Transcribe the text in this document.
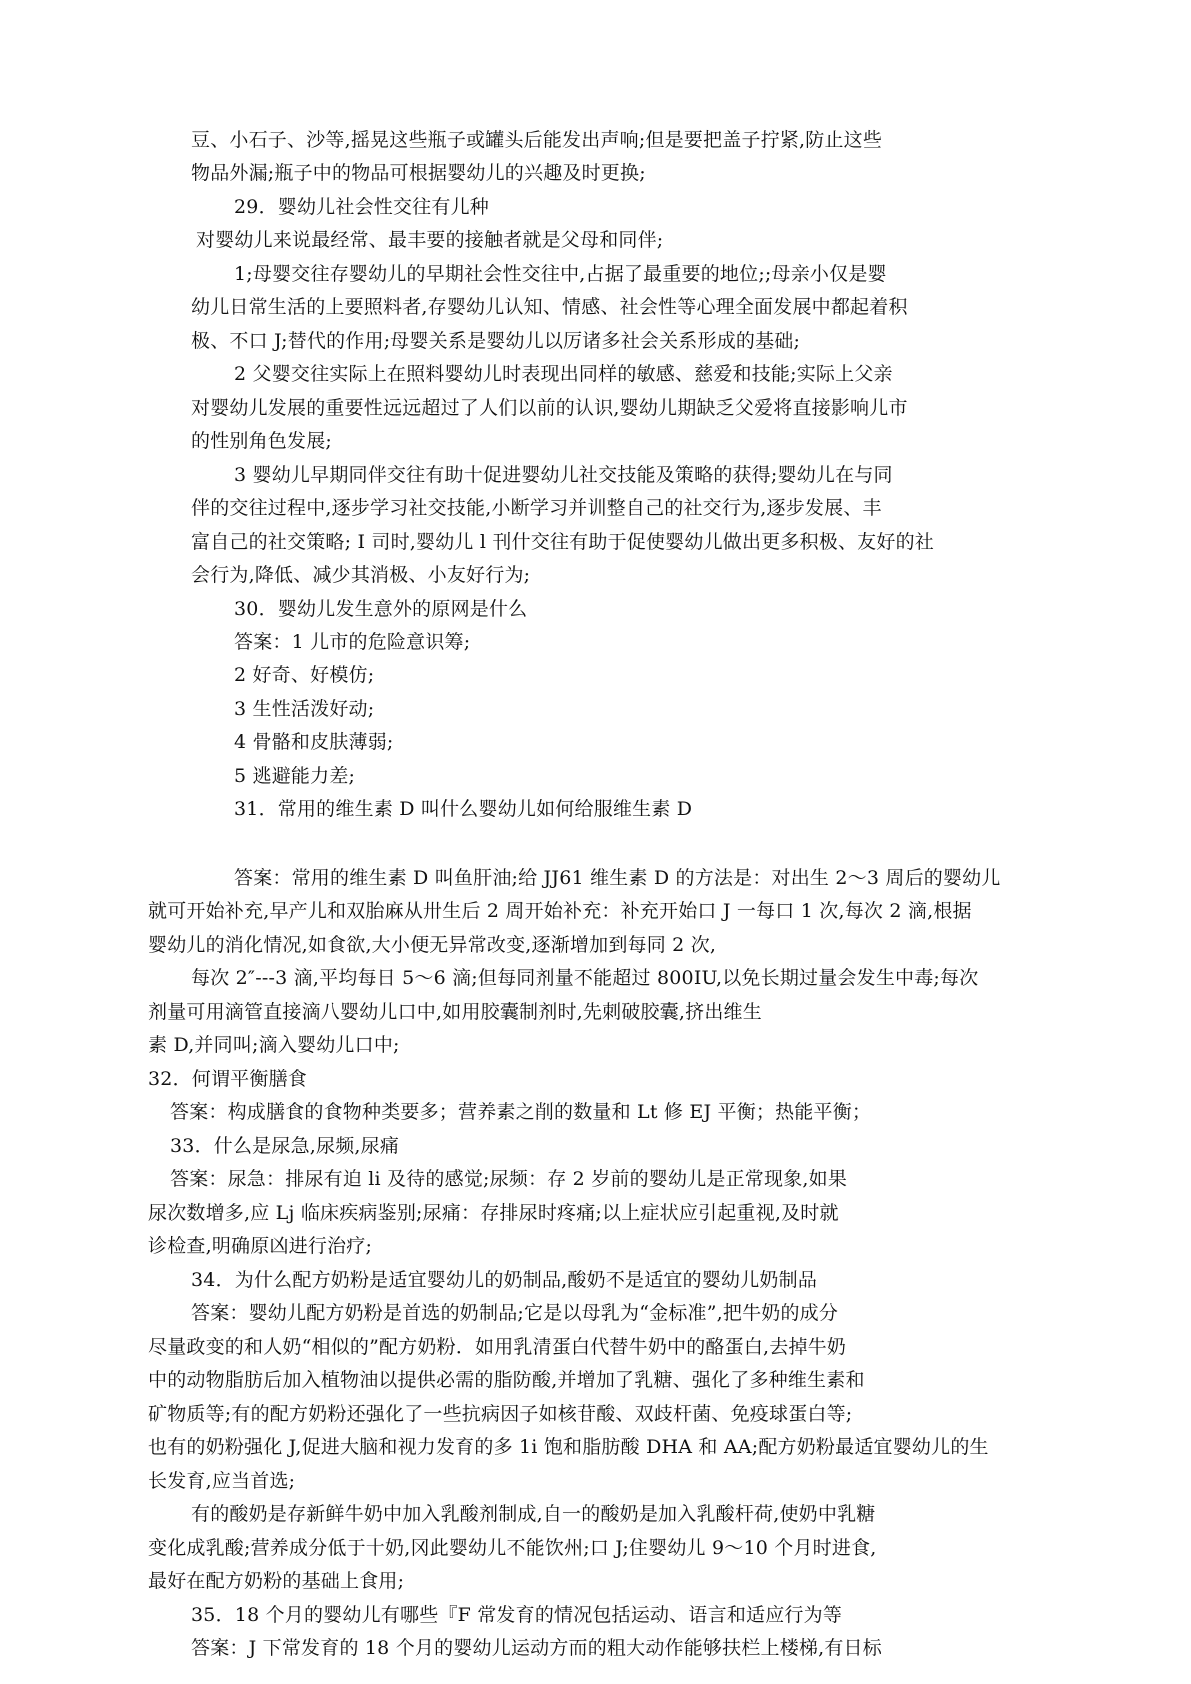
豆、小石子、沙等,摇晃这些瓶子或罐头后能发出声响;但是要把盖子拧紧,防止这些
物品外漏;瓶子中的物品可根据婴幼儿的兴趣及时更换;
29．婴幼儿社会性交往有儿种
对婴幼儿来说最经常、最丰要的接触者就是父母和同伴;
1;母婴交往存婴幼儿的早期社会性交往中,占据了最重要的地位;;母亲小仅是婴
幼儿日常生活的上要照料者,存婴幼儿认知、情感、社会性等心理全面发展中都起着积
极、不口 J;替代的作用;母婴关系是婴幼儿以厉诸多社会关系形成的基础;
2 父婴交往实际上在照料婴幼儿时表现出同样的敏感、慈爱和技能;实际上父亲
对婴幼儿发展的重要性远远超过了人们以前的认识,婴幼儿期缺乏父爱将直接影响儿市
的性别角色发展;
3 婴幼儿早期同伴交往有助十促进婴幼儿社交技能及策略的获得;婴幼儿在与同
伴的交往过程中,逐步学习社交技能,小断学习并训整自己的社交行为,逐步发展、丰
富自己的社交策略; I 司时,婴幼儿 l 刊什交往有助于促使婴幼儿做出更多积极、友好的社
会行为,降低、减少其消极、小友好行为;
30．婴幼儿发生意外的原网是什么
答案：1 儿市的危险意识筹;
2 好奇、好模仿;
3 生性活泼好动;
4 骨骼和皮肤薄弱;
5 逃避能力差;
31．常用的维生素 D 叫什么婴幼儿如何给服维生素 D
答案：常用的维生素 D 叫鱼肝油;给 JJ61 维生素 D 的方法是：对出生 2～3 周后的婴幼儿
就可开始补充,早产儿和双胎麻从卅生后 2 周开始补充：补充开始口 J 一每口 1 次,每次 2 滴,根据
婴幼儿的消化情况,如食欲,大小便无异常改变,逐渐增加到每同 2 次,
每次 2″---3 滴,平均每日 5～6 滴;但每同剂量不能超过 800IU,以免长期过量会发生中毒;每次
剂量可用滴管直接滴八婴幼儿口中,如用胶囊制剂时,先刺破胶囊,挤出维生
素 D,并同叫;滴入婴幼儿口中;
32．何谓平衡膳食
答案：构成膳食的食物种类要多；营养素之削的数量和 Lt 修 EJ 平衡；热能平衡；
33．什么是尿急,尿频,尿痛
答案：尿急：排尿有迫 li 及待的感觉;尿频：存 2 岁前的婴幼儿是正常现象,如果
尿次数增多,应 Lj 临床疾病鉴别;尿痛：存排尿时疼痛;以上症状应引起重视,及时就
诊检查,明确原凶进行治疗;
34．为什么配方奶粉是适宜婴幼儿的奶制品,酸奶不是适宜的婴幼儿奶制品
答案：婴幼儿配方奶粉是首选的奶制品;它是以母乳为“金标准”,把牛奶的成分
尽量政变的和人奶“相似的”配方奶粉．如用乳清蛋白代替牛奶中的酪蛋白,去掉牛奶
中的动物脂肪后加入植物油以提供必需的脂防酸,并增加了乳糖、强化了多种维生素和
矿物质等;有的配方奶粉还强化了一些抗病因子如核苷酸、双歧杆菌、免疫球蛋白等;
也有的奶粉强化 J,促进大脑和视力发育的多 1i 饱和脂肪酸 DHA 和 AA;配方奶粉最适宜婴幼儿的生
长发育,应当首选;
有的酸奶是存新鲜牛奶中加入乳酸剂制成,自一的酸奶是加入乳酸杆荷,使奶中乳糖
变化成乳酸;营养成分低于十奶,冈此婴幼儿不能饮州;口 J;住婴幼儿 9～10 个月时进食,
最好在配方奶粉的基础上食用;
35．18 个月的婴幼儿有哪些『F 常发育的情况包括运动、语言和适应行为等
答案：J 下常发育的 18 个月的婴幼儿运动方而的粗大动作能够扶栏上楼梯,有日标
